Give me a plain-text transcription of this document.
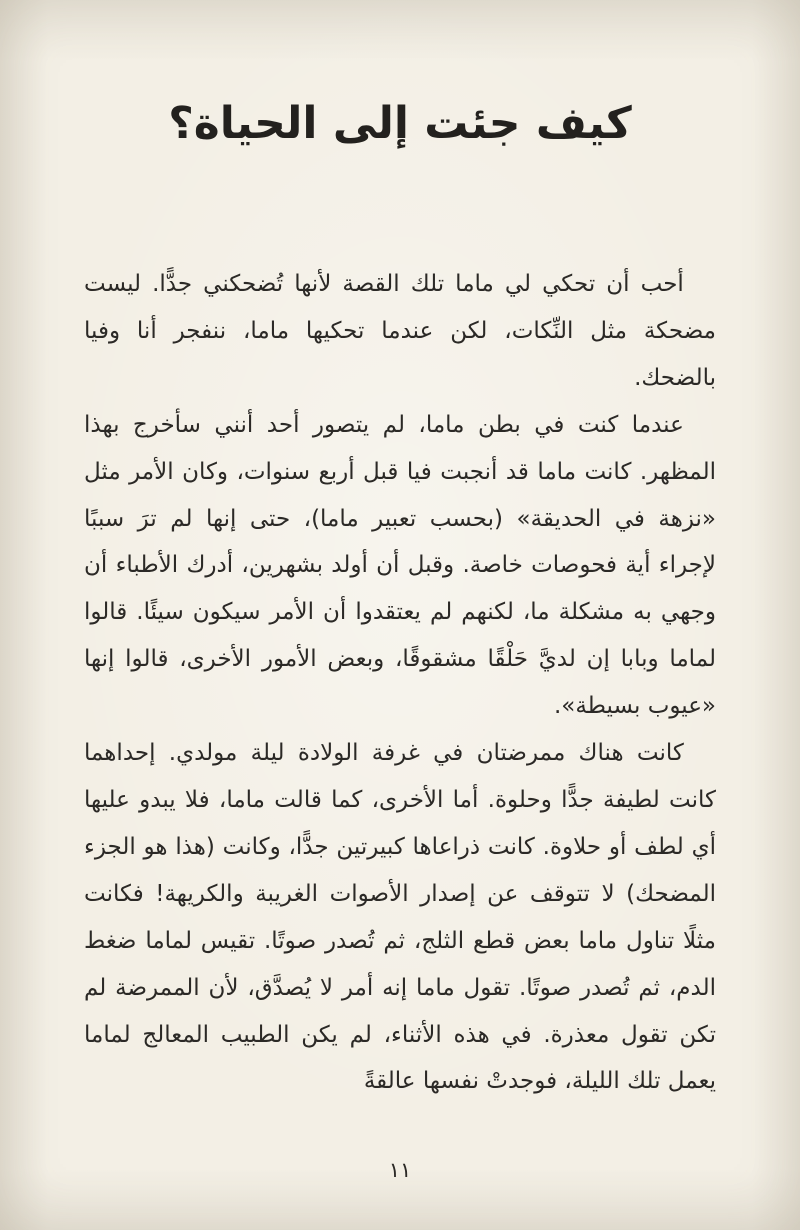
كيف جئت إلى الحياة؟

أحب أن تحكي لي ماما تلك القصة لأنها تُضحكني جدًّا. ليست مضحكة مثل النِّكات، لكن عندما تحكيها ماما، ننفجر أنا وفيا بالضحك.

عندما كنت في بطن ماما، لم يتصور أحد أنني سأخرج بهذا المظهر. كانت ماما قد أنجبت فيا قبل أربع سنوات، وكان الأمر مثل «نزهة في الحديقة» (بحسب تعبير ماما)، حتى إنها لم ترَ سببًا لإجراء أية فحوصات خاصة. وقبل أن أولد بشهرين، أدرك الأطباء أن وجهي به مشكلة ما، لكنهم لم يعتقدوا أن الأمر سيكون سيئًا. قالوا لماما وبابا إن لديَّ حَلْقًا مشقوقًا، وبعض الأمور الأخرى، قالوا إنها «عيوب بسيطة».

كانت هناك ممرضتان في غرفة الولادة ليلة مولدي. إحداهما كانت لطيفة جدًّا وحلوة. أما الأخرى، كما قالت ماما، فلا يبدو عليها أي لطف أو حلاوة. كانت ذراعاها كبيرتين جدًّا، وكانت (هذا هو الجزء المضحك) لا تتوقف عن إصدار الأصوات الغريبة والكريهة! فكانت مثلًا تناول ماما بعض قطع الثلج، ثم تُصدر صوتًا. تقيس لماما ضغط الدم، ثم تُصدر صوتًا. تقول ماما إنه أمر لا يُصدَّق، لأن الممرضة لم تكن تقول معذرة. في هذه الأثناء، لم يكن الطبيب المعالج لماما يعمل تلك الليلة، فوجدتْ نفسها عالقةً

١١
